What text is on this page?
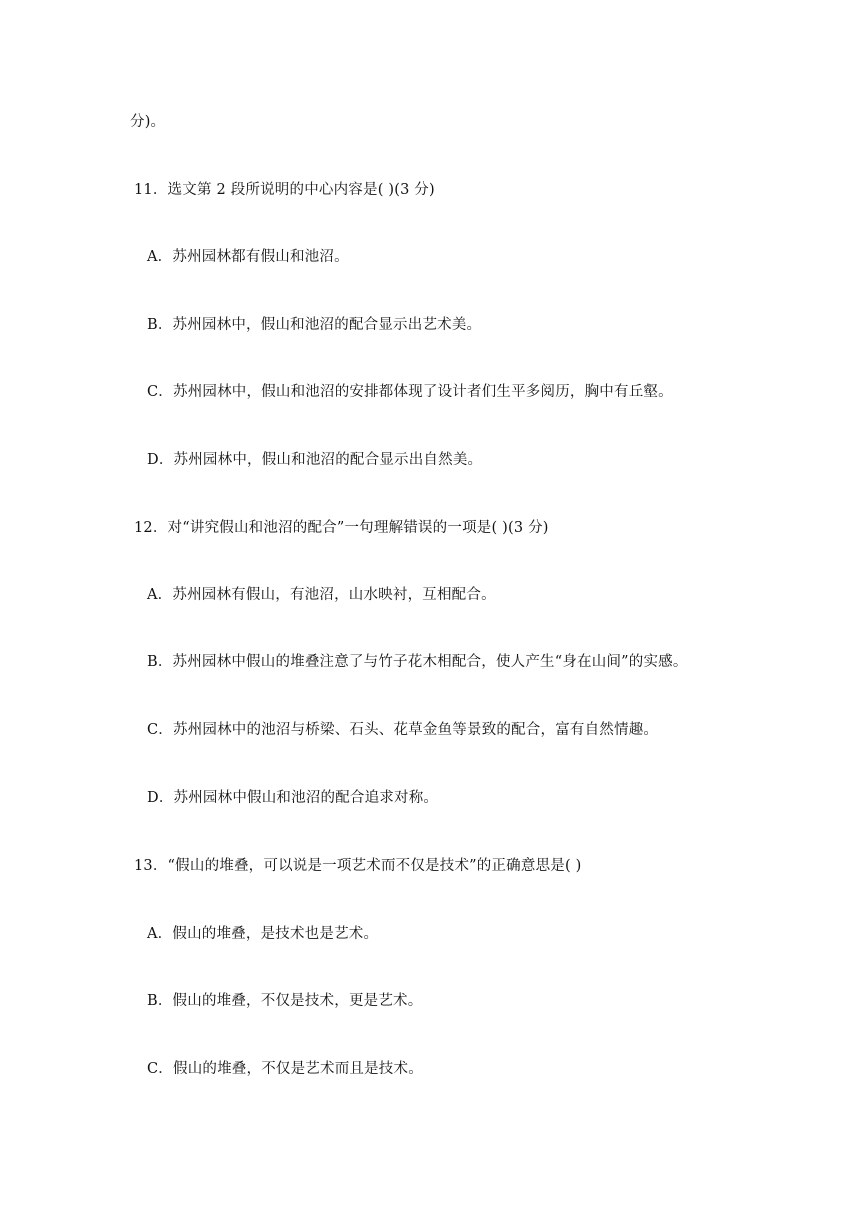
分)。
11．选文第 2 段所说明的中心内容是( )(3 分)
A．苏州园林都有假山和池沼。
B．苏州园林中，假山和池沼的配合显示出艺术美。
C．苏州园林中，假山和池沼的安排都体现了设计者们生平多阅历，胸中有丘壑。
D．苏州园林中，假山和池沼的配合显示出自然美。
12．对“讲究假山和池沼的配合”一句理解错误的一项是( )(3 分)
A．苏州园林有假山，有池沼，山水映衬，互相配合。
B．苏州园林中假山的堆叠注意了与竹子花木相配合，使人产生“身在山间”的实感。
C．苏州园林中的池沼与桥梁、石头、花草金鱼等景致的配合，富有自然情趣。
D．苏州园林中假山和池沼的配合追求对称。
13．“假山的堆叠，可以说是一项艺术而不仅是技术”的正确意思是( )
A．假山的堆叠，是技术也是艺术。
B．假山的堆叠，不仅是技术，更是艺术。
C．假山的堆叠，不仅是艺术而且是技术。
